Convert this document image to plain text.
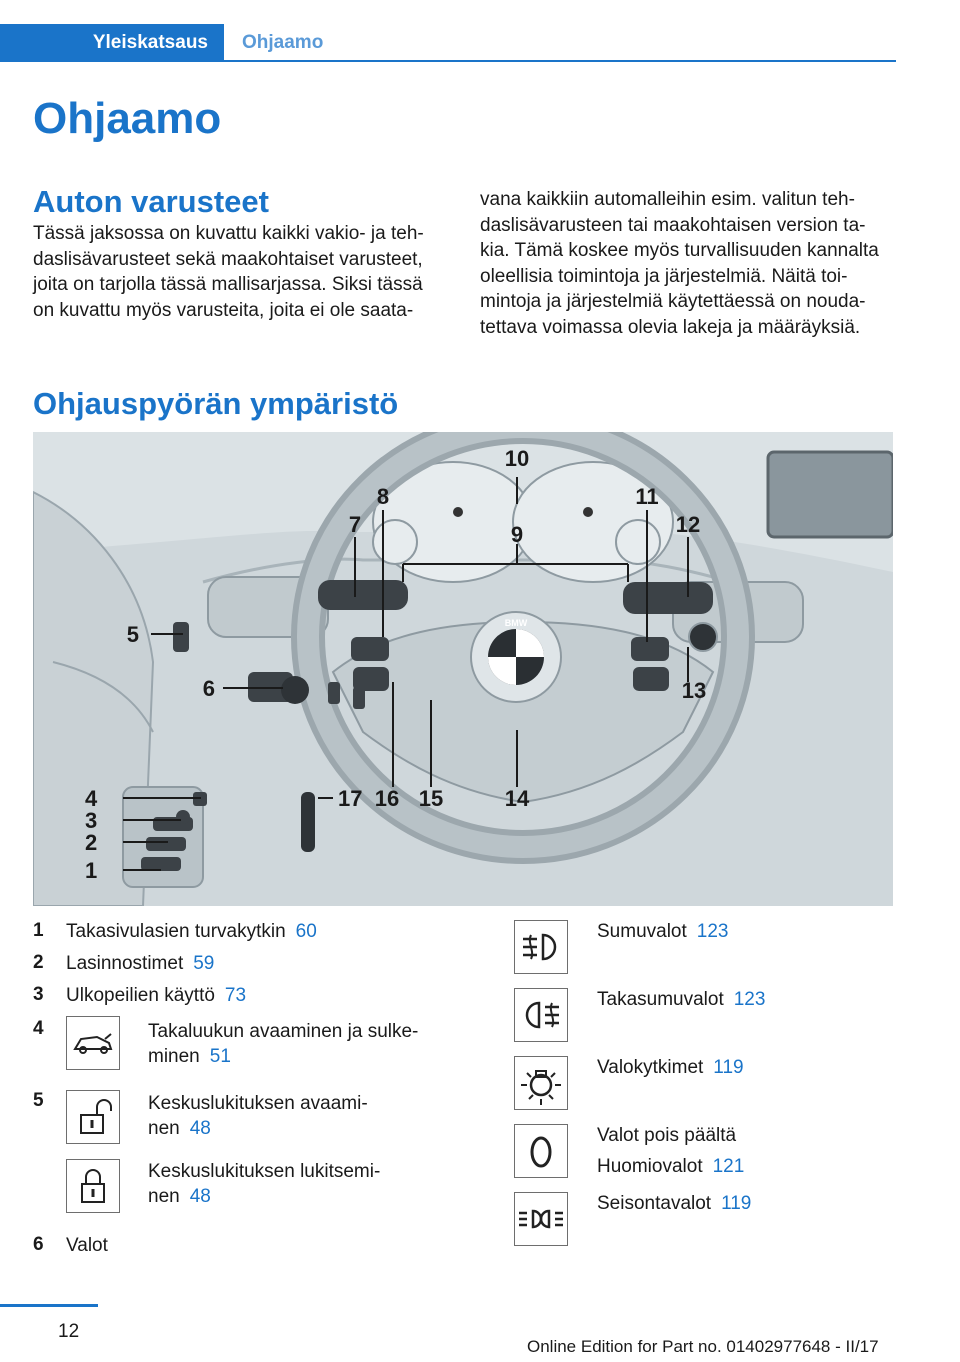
Yleiskatsaus	Ohjaamo
Ohjaamo
Auton varusteet
Tässä jaksossa on kuvattu kaikki vakio- ja teh‐
daslisävarusteet sekä maakohtaiset varusteet,
joita on tarjolla tässä mallisarjassa. Siksi tässä
on kuvattu myös varusteita, joita ei ole saata‐
vana kaikkiin automalleihin esim. valitun teh‐
daslisävarusteen tai maakohtaisen version ta‐
kia. Tämä koskee myös turvallisuuden kannalta
oleellisia toimintoja ja järjestelmiä. Näitä toi‐
mintoja ja järjestelmiä käytettäessä on nouda‐
tettava voimassa olevia lakeja ja määräyksiä.
Ohjauspyörän ympäristö
BMW
5
6
7
8
9
10
11
12
13
14
15
16
17
4
3
2
1
1 Takasivulasien turvakytkin 60
2 Lasinnostimet 59
3 Ulkopeilien käyttö 73
4	Takaluukun avaaminen ja sulke‐
minen 51
5	Keskuslukituksen avaami‐
nen 48
Keskuslukituksen lukitsemi‐
nen 48
6 Valot
Sumuvalot 123
Takasumuvalot 123
Valokytkimet 119
Valot pois päältä
Huomiovalot 121
Seisontavalot 119
12
Online Edition for Part no. 01402977648 - II/17
